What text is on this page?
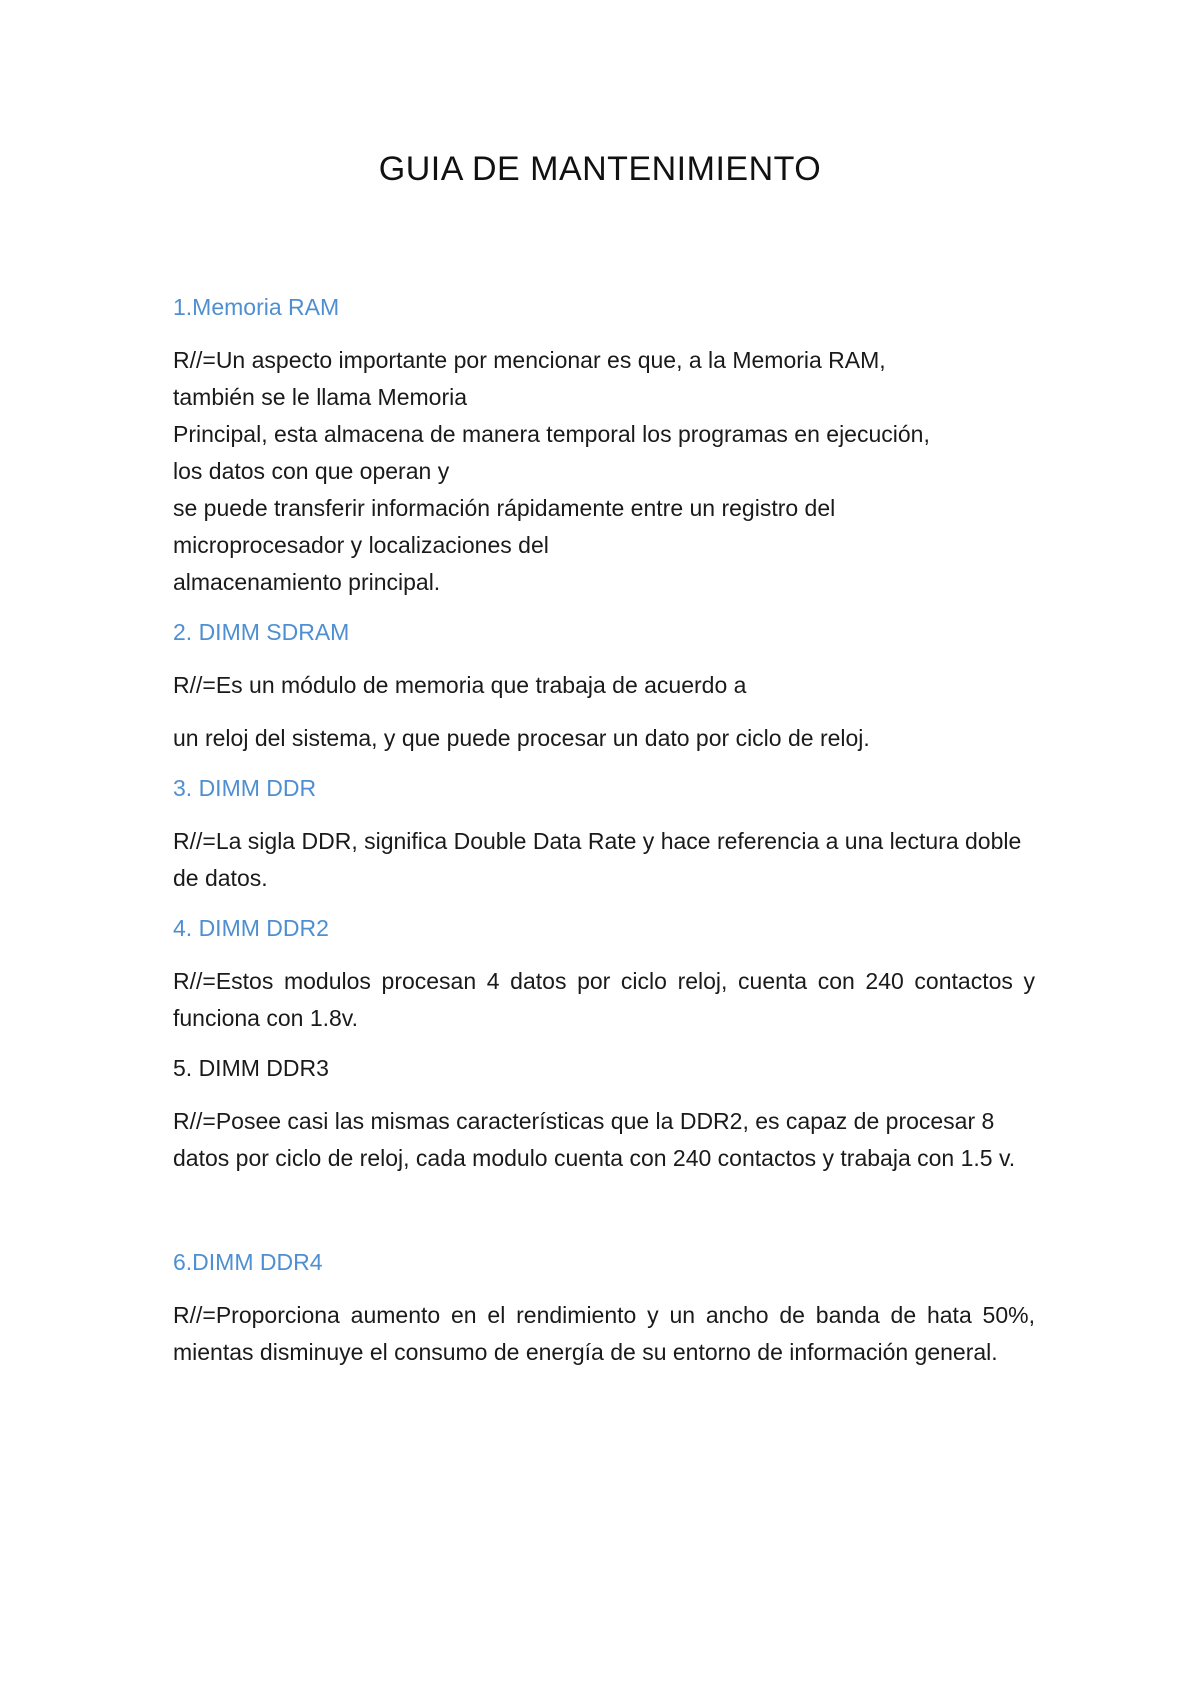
GUIA DE MANTENIMIENTO
1.Memoria RAM
R//=Un aspecto importante por mencionar es que, a la Memoria RAM,
también se le llama Memoria
Principal, esta almacena de manera temporal los programas en ejecución,
los datos con que operan y
se puede transferir información rápidamente entre un registro del
microprocesador y localizaciones del
almacenamiento principal.
2. DIMM SDRAM
R//=Es un módulo de memoria que trabaja de acuerdo a
un reloj del sistema, y que puede procesar un dato por ciclo de reloj.
3. DIMM DDR
R//=La sigla DDR, significa Double Data Rate y hace referencia a una lectura doble de datos.
4. DIMM DDR2
R//=Estos modulos procesan 4 datos por ciclo reloj, cuenta con 240 contactos y funciona con 1.8v.
5. DIMM DDR3
R//=Posee casi las mismas características que la DDR2, es capaz de procesar 8 datos por ciclo de reloj, cada modulo cuenta con 240 contactos y trabaja con 1.5 v.
6.DIMM DDR4
R//=Proporciona aumento en el rendimiento y un ancho de banda de hata 50%, mientas disminuye el consumo de energía de su entorno de información general.
